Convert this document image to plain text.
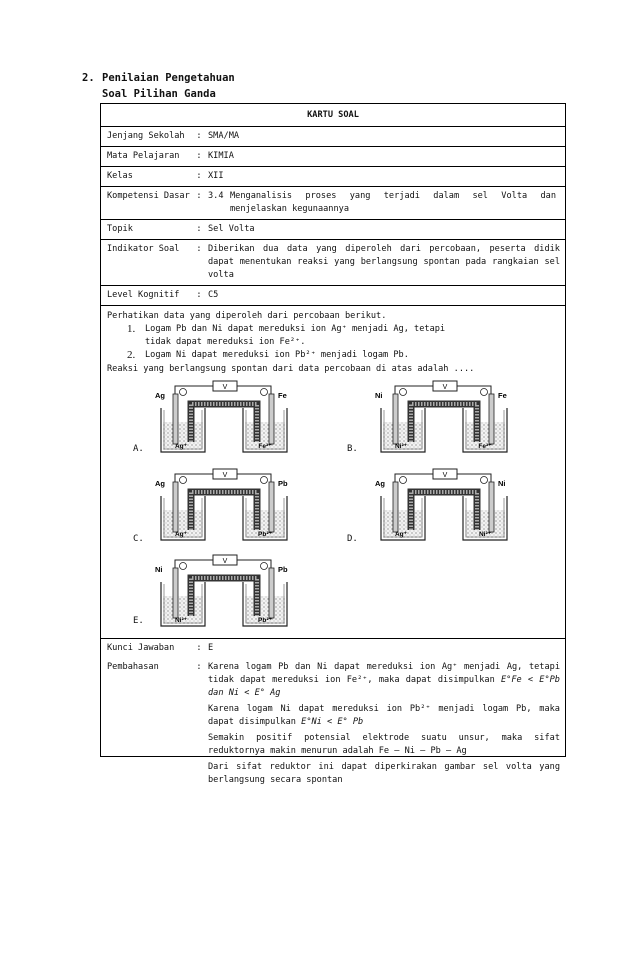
2. Penilaian Pengetahuan
Soal Pilihan Ganda
KARTU SOAL
Jenjang Sekolah	:	SMA/MA
Mata Pelajaran	:	KIMIA
Kelas	:	XII
Kompetensi Dasar	:	3.4 Menganalisis proses yang terjadi dalam sel Volta dan menjelaskan kegunaannya
Topik	:	Sel Volta
Indikator Soal	:	Diberikan dua data yang diperoleh dari percobaan, peserta didik dapat menentukan reaksi yang berlangsung spontan pada rangkaian sel volta
Level Kognitif	:	C5
Perhatikan data yang diperoleh dari percobaan berikut.
1.	Logam Pb dan Ni dapat mereduksi ion Ag⁺ menjadi Ag, tetapi tidak dapat mereduksi ion Fe²⁺.
2.	Logam Ni dapat mereduksi ion Pb²⁺ menjadi logam Pb.
Reaksi yang berlangsung spontan dari data percobaan di atas adalah ....
A.	B.
C.	D.
E.
V
Ag	Fe
Ag⁺	Fe²⁺
V
Ni	Fe
Ni²⁺	Fe²⁺
V
Ag	Pb
Ag⁺	Pb²⁺
V
Ag	Ni
Ag⁺	Ni²⁺
V
Ni	Pb
Ni²⁺	Pb²⁺
Kunci Jawaban	:	E
Pembahasan	:	Karena logam Pb dan Ni dapat mereduksi ion Ag⁺ menjadi Ag, tetapi tidak dapat mereduksi ion Fe²⁺, maka dapat disimpulkan E°Fe < E°Pb dan Ni < E° Ag
Karena logam Ni dapat mereduksi ion Pb²⁺ menjadi logam Pb, maka dapat disimpulkan E°Ni < E° Pb
Semakin positif potensial elektrode suatu unsur, maka sifat reduktornya makin menurun adalah Fe – Ni – Pb – Ag
Dari sifat reduktor ini dapat diperkirakan gambar sel volta yang berlangsung secara spontan
